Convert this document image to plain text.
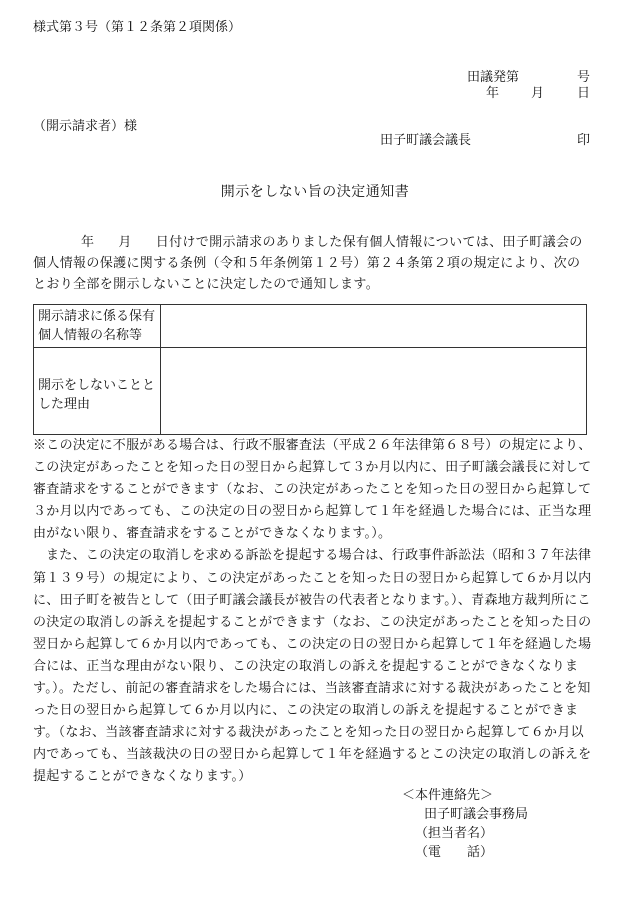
様式第３号（第１２条第２項関係）
田議発第	号
年 月	日
（開示請求者）様
田子町議会議長	印
開示をしない旨の決定通知書
年 月 日付けで開示請求のありました保有個人情報については、田子町議会の個人情報の保護に関する条例（令和５年条例第１２号）第２４条第２項の規定により、次のとおり全部を開示しないことに決定したので通知します。
開示請求に係る保有個人情報の名称等	
開示をしないこととした理由	

※この決定に不服がある場合は、行政不服審査法（平成２６年法律第６８号）の規定により、この決定があったことを知った日の翌日から起算して３か月以内に、田子町議会議長に対して審査請求をすることができます（なお、この決定があったことを知った日の翌日から起算して３か月以内であっても、この決定の日の翌日から起算して１年を経過した場合には、正当な理由がない限り、審査請求をすることができなくなります。）。

また、この決定の取消しを求める訴訟を提起する場合は、行政事件訴訟法（昭和３７年法律第１３９号）の規定により、この決定があったことを知った日の翌日から起算して６か月以内に、田子町を被告として（田子町議会議長が被告の代表者となります。）、青森地方裁判所にこの決定の取消しの訴えを提起することができます（なお、この決定があったことを知った日の翌日から起算して６か月以内であっても、この決定の日の翌日から起算して１年を経過した場合には、正当な理由がない限り、この決定の取消しの訴えを提起することができなくなります。）。ただし、前記の審査請求をした場合には、当該審査請求に対する裁決があったことを知った日の翌日から起算して６か月以内に、この決定の取消しの訴えを提起することができます。（なお、当該審査請求に対する裁決があったことを知った日の翌日から起算して６か月以内であっても、当該裁決の日の翌日から起算して１年を経過するとこの決定の取消しの訴えを提起することができなくなります。）

＜本件連絡先＞
田子町議会事務局
（担当者名）
（電　　話）
